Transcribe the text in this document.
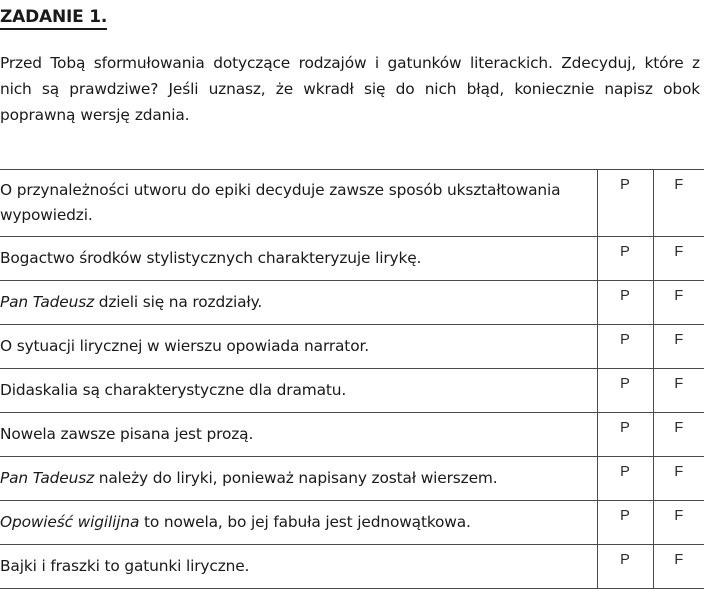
ZADANIE 1.

Przed Tobą sformułowania dotyczące rodzajów i gatunków literackich. Zdecyduj, które z nich są prawdziwe? Jeśli uznasz, że wkradł się do nich błąd, koniecznie napisz obok poprawną wersję zdania.

O przynależności utworu do epiki decyduje zawsze sposób ukształtowania wypowiedzi.	P	F
Bogactwo środków stylistycznych charakteryzuje lirykę.	P	F
Pan Tadeusz dzieli się na rozdziały.	P	F
O sytuacji lirycznej w wierszu opowiada narrator.	P	F
Didaskalia są charakterystyczne dla dramatu.	P	F
Nowela zawsze pisana jest prozą.	P	F
Pan Tadeusz należy do liryki, ponieważ napisany został wierszem.	P	F
Opowieść wigilijna to nowela, bo jej fabuła jest jednowątkowa.	P	F
Bajki i fraszki to gatunki liryczne.	P	F
